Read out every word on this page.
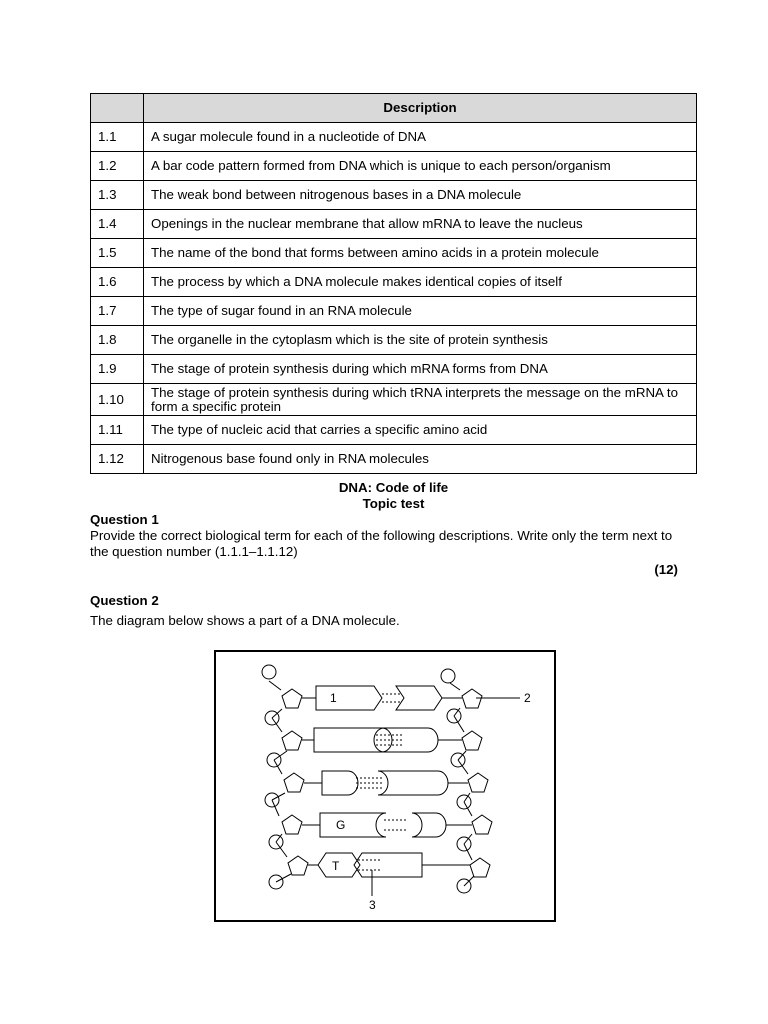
	Description
1.1	A sugar molecule found in a nucleotide of DNA
1.2	A bar code pattern formed from DNA which is unique to each person/organism
1.3	The weak bond between nitrogenous bases in a DNA molecule
1.4	Openings in the nuclear membrane that allow mRNA to leave the nucleus
1.5	The name of the bond that forms between amino acids in a protein molecule
1.6	The process by which a DNA molecule makes identical copies of itself
1.7	The type of sugar found in an RNA molecule
1.8	The organelle in the cytoplasm which is the site of protein synthesis
1.9	The stage of protein synthesis during which mRNA forms from DNA
1.10	The stage of protein synthesis during which tRNA interprets the message on the mRNA to form a specific protein
1.11	The type of nucleic acid that carries a specific amino acid
1.12	Nitrogenous base found only in RNA molecules
DNA: Code of life
Topic test
Question 1
Provide the correct biological term for each of the following descriptions. Write only the term next to the question number (1.1.1–1.1.12)
(12)
Question 2
The diagram below shows a part of a DNA molecule.
1	2
3
G
T
